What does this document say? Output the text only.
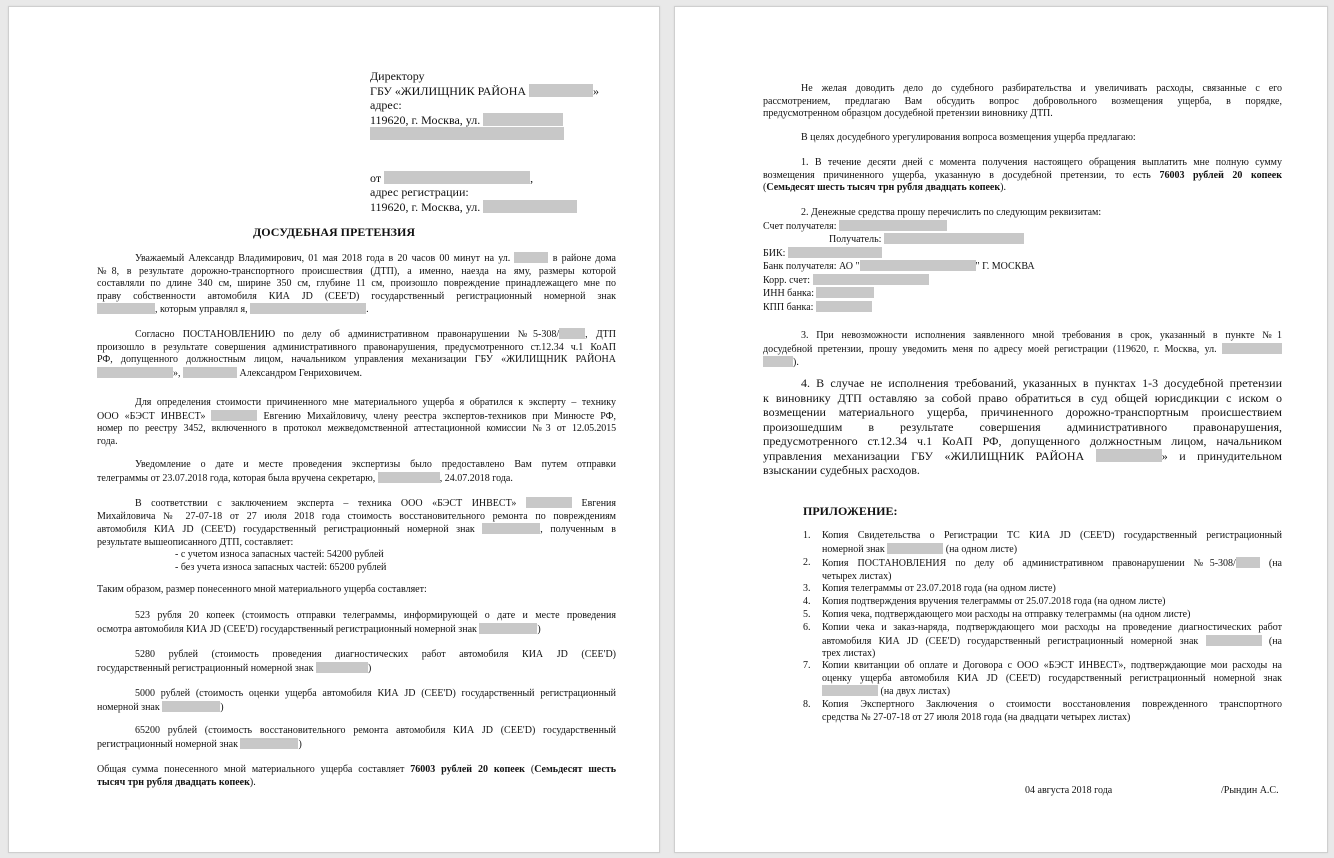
Директору
ГБУ «ЖИЛИЩНИК РАЙОНА	»
адрес:
119620, г. Москва, ул.

от	,
адрес регистрации:
119620, г. Москва, ул.
ДОСУДЕБНАЯ ПРЕТЕНЗИЯ
Уважаемый Александр Владимирович, 01 мая 2018 года в 20 часов 00 минут на ул.	в районе дома
№8, в результате дорожно-транспортного происшествия (ДТП), а именно, наезда на яму, размеры которой
составляли по длине 340 см, ширине 350 см, глубине 11 см, произошло повреждение принадлежащего мне по
праву собственности автомобиля КИА JD (CEE'D) государственный регистрационный номерной знак
, которым управлял я,	.
Согласно ПОСТАНОВЛЕНИЮ по делу об административном правонарушении №5-308/	, ДТП
произошло в результате совершения административного правонарушения, предусмотренного ст.12.34 ч.1 КоАП
РФ, допущенного должностным лицом, начальником управления механизации ГБУ «ЖИЛИЩНИК РАЙОНА
»,	Александром Генриховичем.
Для определения стоимости причиненного мне материального ущерба я обратился к эксперту – технику
ООО «БЭСТ ИНВЕСТ»	Евгению Михайловичу, члену реестра экспертов-техников при Минюсте РФ,
номер по реестру 3452, включенного в протокол межведомственной аттестационной комиссии №3 от 12.05.2015
года.
Уведомление о дате и месте проведения экспертизы было предоставлено Вам путем отправки
телеграммы от 23.07.2018 года, которая была вручена секретарю,	, 24.07.2018 года.
В соответствии с заключением эксперта – техника ООО «БЭСТ ИНВЕСТ»	Евгения
Михайловича № 27-07-18 от 27 июля 2018 года стоимость восстановительного ремонта по повреждениям
автомобиля КИА JD (CEE'D) государственный регистрационный номерной знак	, полученным в
результате вышеописанного ДТП, составляет:
- с учетом износа запасных частей: 54200 рублей
- без учета износа запасных частей: 65200 рублей
Таким образом, размер понесенного мной материального ущерба составляет:
523 рубля 20 копеек (стоимость отправки телеграммы, информирующей о дате и месте проведения
осмотра автомобиля КИА JD (CEE'D) государственный регистрационный номерной знак	)
5280 рублей (стоимость проведения диагностических работ автомобиля КИА JD (CEE'D)
государственный регистрационный номерной знак	)
5000 рублей (стоимость оценки ущерба автомобиля КИА JD (CEE'D) государственный регистрационный
номерной знак	)
65200 рублей (стоимость восстановительного ремонта автомобиля КИА JD (CEE'D) государственный
регистрационный номерной знак	)
Общая сумма понесенного мной материального ущерба составляет 76003 рублей 20 копеек (Семьдесят шесть
тысяч трн рубля двадцать копеек).
Не желая доводить дело до судебного разбирательства и увеличивать расходы, связанные с его
рассмотрением, предлагаю Вам обсудить вопрос добровольного возмещения ущерба, в порядке,
предусмотренном образцом досудебной претензии виновнику ДТП.
В целях досудебного урегулирования вопроса возмещения ущерба предлагаю:
1. В течение десяти дней с момента получения настоящего обращения выплатить мне полную сумму
возмещения причиненного ущерба, указанную в досудебной претензии, то есть 76003 рублей 20 копеек
(Семьдесят шесть тысяч трн рубля двадцать копеек).
2. Денежные средства прошу перечислить по следующим реквизитам:
Счет получателя:
Получатель:
БИК:
Банк получателя: АО "	" Г. МОСКВА
Корр. счет:
ИНН банка:
КПП банка:
3. При невозможности исполнения заявленного мной требования в срок, указанный в пункте №1
досудебной претензии, прошу уведомить меня по адресу моей регистрации (119620, г. Москва, ул.
).
4. В случае не исполнения требований, указанных в пунктах 1-3 досудебной претензии
к виновнику ДТП оставляю за собой право обратиться в суд общей юрисдикции с иском о
возмещении материального ущерба, причиненного дорожно-транспортным происшествием
произошедшим в результате совершения административного правонарушения,
предусмотренного ст.12.34 ч.1 КоАП РФ, допущенного должностным лицом, начальником
управления механизации ГБУ «ЖИЛИЩНИК РАЙОНА	» и принудительном
взыскании судебных расходов.
ПРИЛОЖЕНИЕ:
1. Копия Свидетельства о Регистрации ТС КИА JD (CEE'D) государственный регистрационный
номерной знак	(на одном листе)
2. Копия ПОСТАНОВЛЕНИЯ по делу об административном правонарушении №5-308/	(на
четырех листах)
3. Копия телеграммы от 23.07.2018 года (на одном листе)
4. Копия подтверждения вручения телеграммы от 25.07.2018 года (на одном листе)
5. Копия чека, подтверждающего мои расходы на отправку телеграммы (на одном листе)
6. Копии чека и заказ-наряда, подтверждающего мои расходы на проведение диагностических работ
автомобиля КИА JD (CEE'D) государственный регистрационный номерной знак	(на
трех листах)
7. Копии квитанции об оплате и Договора с ООО «БЭСТ ИНВЕСТ», подтверждающие мои расходы на
оценку ущерба автомобиля КИА JD (CEE'D) государственный регистрационный номерной знак
(на двух листах)
8. Копия Экспертного Заключения о стоимости восстановления поврежденного транспортного
средства № 27-07-18 от 27 июля 2018 года (на двадцати четырех листах)
04 августа 2018 года	/Рындин А.С.
